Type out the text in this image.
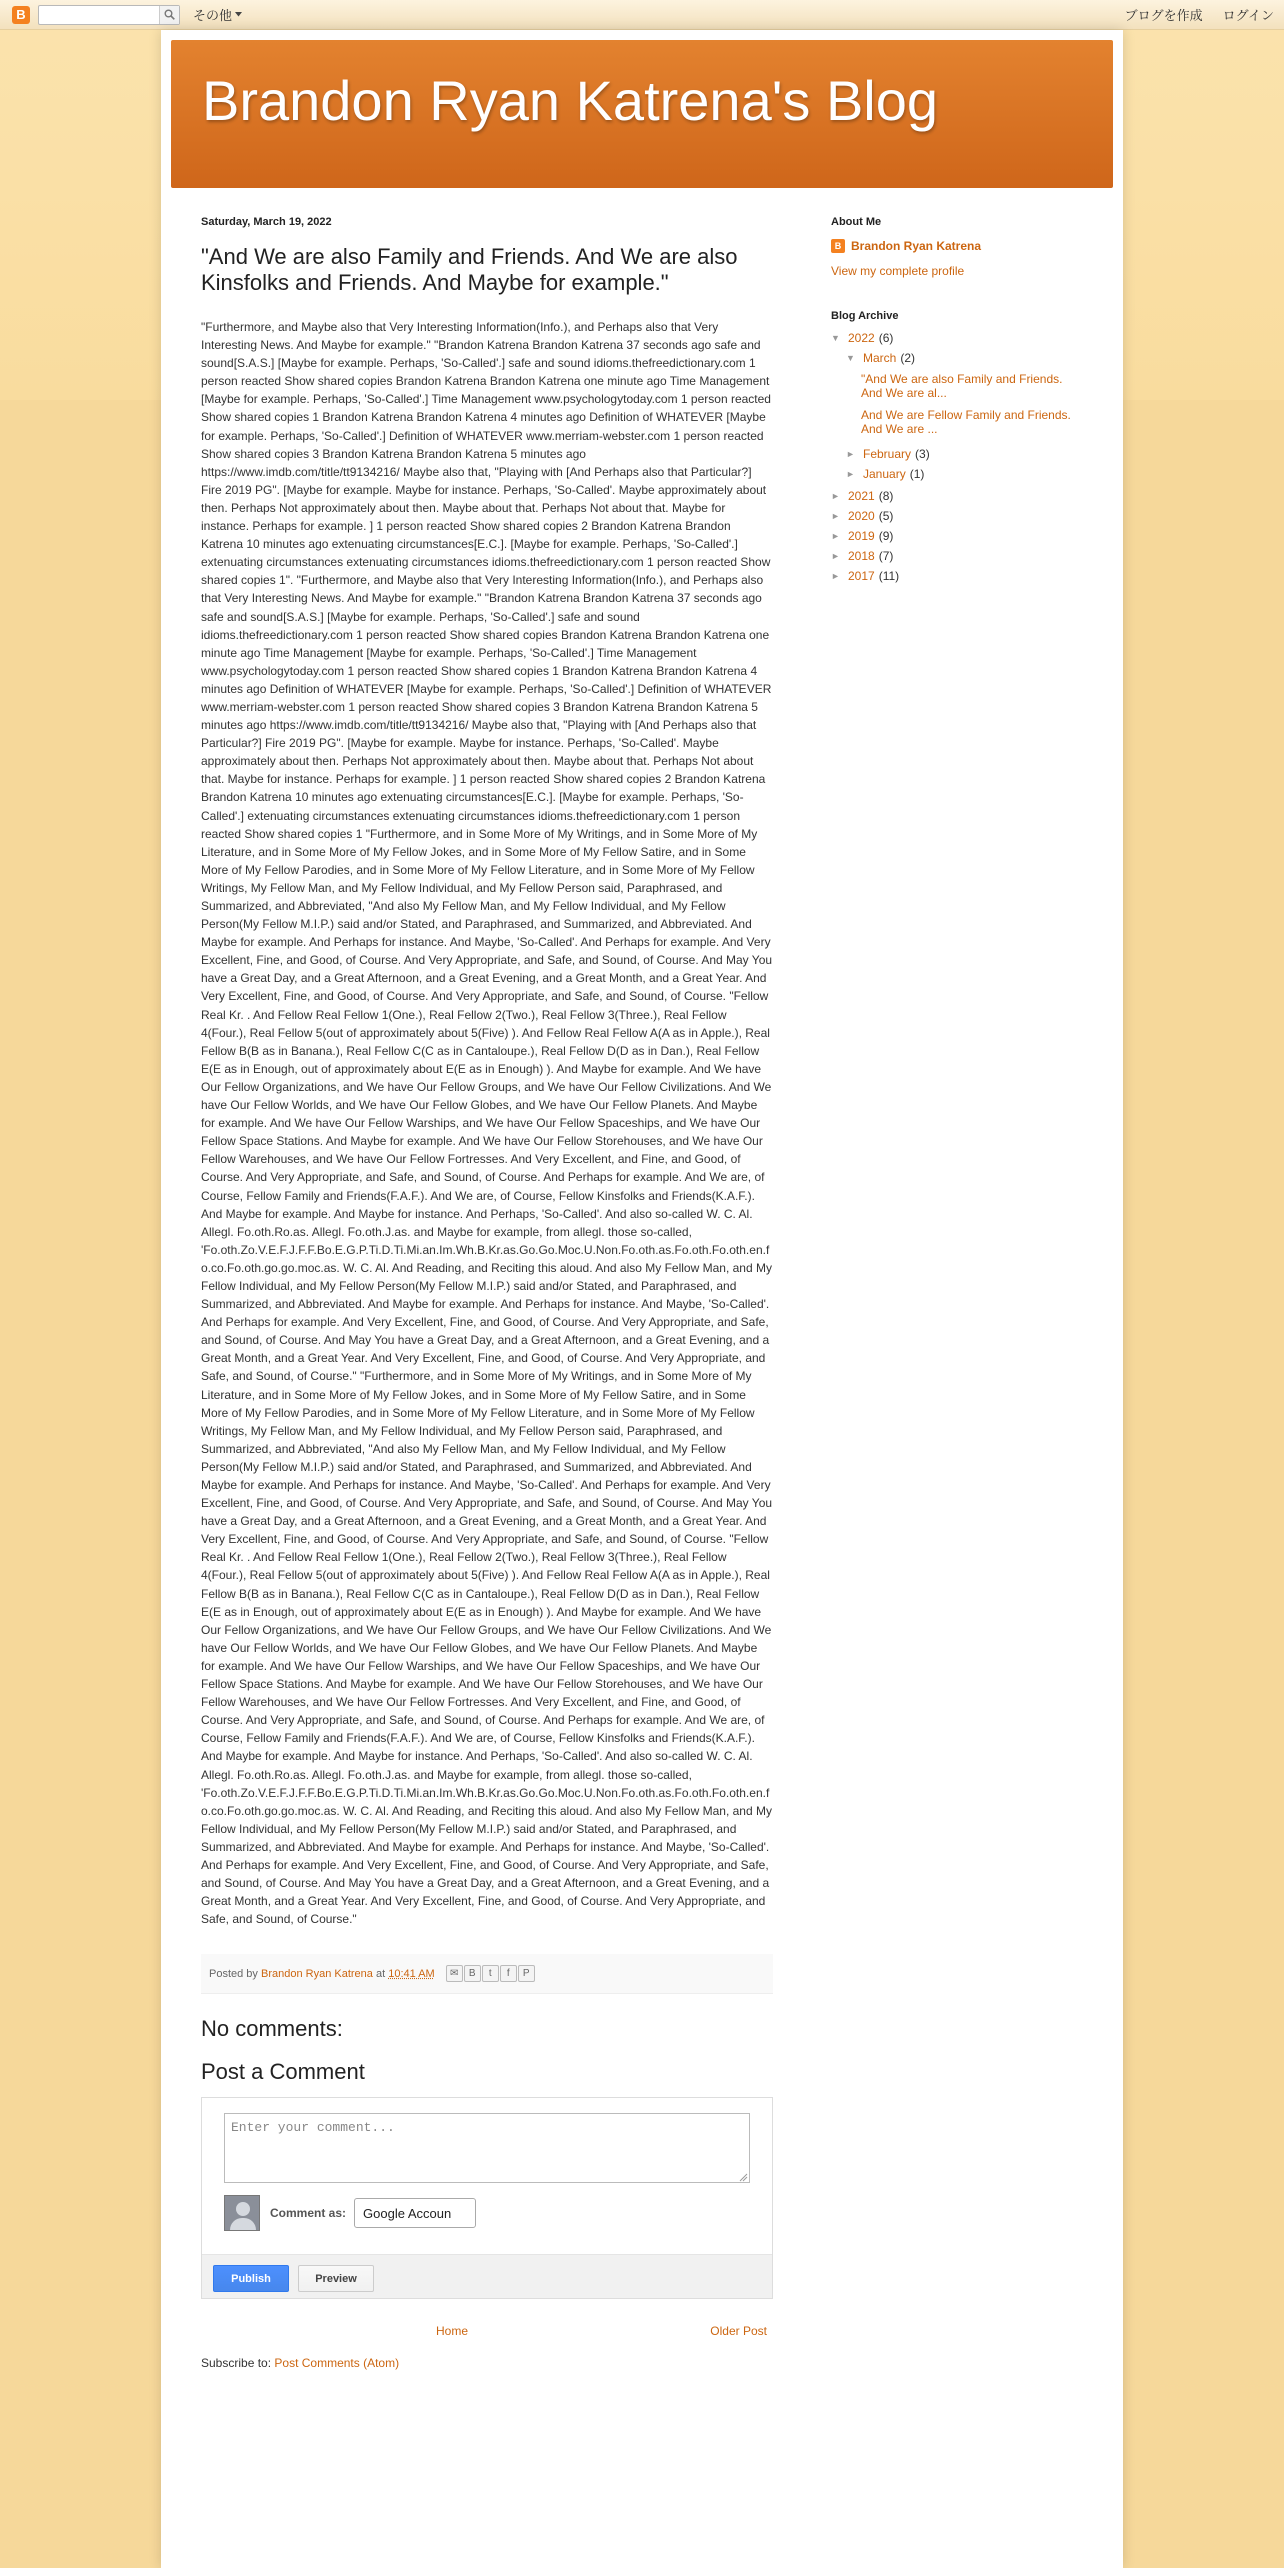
B	その他	ブログを作成 ログイン
Brandon Ryan Katrena's Blog
Saturday, March 19, 2022
"And We are also Family and Friends. And We are also Kinsfolks and Friends. And Maybe for example."
"Furthermore, and Maybe also that Very Interesting Information(Info.), and Perhaps also that Very Interesting News. And Maybe for example." "Brandon Katrena Brandon Katrena 37 seconds ago safe and sound[S.A.S.] [Maybe for example. Perhaps, 'So-Called'.] safe and sound idioms.thefreedictionary.com 1 person reacted Show shared copies Brandon Katrena Brandon Katrena one minute ago Time Management [Maybe for example. Perhaps, 'So-Called'.] Time Management www.psychologytoday.com 1 person reacted Show shared copies 1 Brandon Katrena Brandon Katrena 4 minutes ago Definition of WHATEVER [Maybe for example. Perhaps, 'So-Called'.] Definition of WHATEVER www.merriam-webster.com 1 person reacted Show shared copies 3 Brandon Katrena Brandon Katrena 5 minutes ago https://www.imdb.com/title/tt9134216/ Maybe also that, "Playing with [And Perhaps also that Particular?] Fire 2019 PG". [Maybe for example. Maybe for instance. Perhaps, 'So-Called'. Maybe approximately about then. Perhaps Not approximately about then. Maybe about that. Perhaps Not about that. Maybe for instance. Perhaps for example. ] 1 person reacted Show shared copies 2 Brandon Katrena Brandon Katrena 10 minutes ago extenuating circumstances[E.C.]. [Maybe for example. Perhaps, 'So-Called'.] extenuating circumstances extenuating circumstances idioms.thefreedictionary.com 1 person reacted Show shared copies 1". "Furthermore, and Maybe also that Very Interesting Information(Info.), and Perhaps also that Very Interesting News. And Maybe for example." "Brandon Katrena Brandon Katrena 37 seconds ago safe and sound[S.A.S.] [Maybe for example. Perhaps, 'So-Called'.] safe and sound idioms.thefreedictionary.com 1 person reacted Show shared copies Brandon Katrena Brandon Katrena one minute ago Time Management [Maybe for example. Perhaps, 'So-Called'.] Time Management www.psychologytoday.com 1 person reacted Show shared copies 1 Brandon Katrena Brandon Katrena 4 minutes ago Definition of WHATEVER [Maybe for example. Perhaps, 'So-Called'.] Definition of WHATEVER www.merriam-webster.com 1 person reacted Show shared copies 3 Brandon Katrena Brandon Katrena 5 minutes ago https://www.imdb.com/title/tt9134216/ Maybe also that, "Playing with [And Perhaps also that Particular?] Fire 2019 PG". [Maybe for example. Maybe for instance. Perhaps, 'So-Called'. Maybe approximately about then. Perhaps Not approximately about then. Maybe about that. Perhaps Not about that. Maybe for instance. Perhaps for example. ] 1 person reacted Show shared copies 2 Brandon Katrena Brandon Katrena 10 minutes ago extenuating circumstances[E.C.]. [Maybe for example. Perhaps, 'So-Called'.] extenuating circumstances extenuating circumstances idioms.thefreedictionary.com 1 person reacted Show shared copies 1 "Furthermore, and in Some More of My Writings, and in Some More of My Literature, and in Some More of My Fellow Jokes, and in Some More of My Fellow Satire, and in Some More of My Fellow Parodies, and in Some More of My Fellow Literature, and in Some More of My Fellow Writings, My Fellow Man, and My Fellow Individual, and My Fellow Person said, Paraphrased, and Summarized, and Abbreviated, "And also My Fellow Man, and My Fellow Individual, and My Fellow Person(My Fellow M.I.P.) said and/or Stated, and Paraphrased, and Summarized, and Abbreviated. And Maybe for example. And Perhaps for instance. And Maybe, 'So-Called'. And Perhaps for example. And Very Excellent, Fine, and Good, of Course. And Very Appropriate, and Safe, and Sound, of Course. And May You have a Great Day, and a Great Afternoon, and a Great Evening, and a Great Month, and a Great Year. And Very Excellent, Fine, and Good, of Course. And Very Appropriate, and Safe, and Sound, of Course. "Fellow Real Kr. . And Fellow Real Fellow 1(One.), Real Fellow 2(Two.), Real Fellow 3(Three.), Real Fellow 4(Four.), Real Fellow 5(out of approximately about 5(Five) ). And Fellow Real Fellow A(A as in Apple.), Real Fellow B(B as in Banana.), Real Fellow C(C as in Cantaloupe.), Real Fellow D(D as in Dan.), Real Fellow E(E as in Enough, out of approximately about E(E as in Enough) ). And Maybe for example. And We have Our Fellow Organizations, and We have Our Fellow Groups, and We have Our Fellow Civilizations. And We have Our Fellow Worlds, and We have Our Fellow Globes, and We have Our Fellow Planets. And Maybe for example. And We have Our Fellow Warships, and We have Our Fellow Spaceships, and We have Our Fellow Space Stations. And Maybe for example. And We have Our Fellow Storehouses, and We have Our Fellow Warehouses, and We have Our Fellow Fortresses. And Very Excellent, and Fine, and Good, of Course. And Very Appropriate, and Safe, and Sound, of Course. And Perhaps for example. And We are, of Course, Fellow Family and Friends(F.A.F.). And We are, of Course, Fellow Kinsfolks and Friends(K.A.F.). And Maybe for example. And Maybe for instance. And Perhaps, 'So-Called'. And also so-called W. C. Al. Allegl. Fo.oth.Ro.as. Allegl. Fo.oth.J.as. and Maybe for example, from allegl. those so-called, 'Fo.oth.Zo.V.E.F.J.F.F.Bo.E.G.P.Ti.D.Ti.Mi.an.Im.Wh.B.Kr.as.Go.Go.Moc.U.Non.Fo.oth.as.Fo.oth.Fo.oth.en.fo.co.Fo.oth.go.go.moc.as. W. C. Al. And Reading, and Reciting this aloud. And also My Fellow Man, and My Fellow Individual, and My Fellow Person(My Fellow M.I.P.) said and/or Stated, and Paraphrased, and Summarized, and Abbreviated. And Maybe for example. And Perhaps for instance. And Maybe, 'So-Called'. And Perhaps for example. And Very Excellent, Fine, and Good, of Course. And Very Appropriate, and Safe, and Sound, of Course. And May You have a Great Day, and a Great Afternoon, and a Great Evening, and a Great Month, and a Great Year. And Very Excellent, Fine, and Good, of Course. And Very Appropriate, and Safe, and Sound, of Course." "Furthermore, and in Some More of My Writings, and in Some More of My Literature, and in Some More of My Fellow Jokes, and in Some More of My Fellow Satire, and in Some More of My Fellow Parodies, and in Some More of My Fellow Literature, and in Some More of My Fellow Writings, My Fellow Man, and My Fellow Individual, and My Fellow Person said, Paraphrased, and Summarized, and Abbreviated, "And also My Fellow Man, and My Fellow Individual, and My Fellow Person(My Fellow M.I.P.) said and/or Stated, and Paraphrased, and Summarized, and Abbreviated. And Maybe for example. And Perhaps for instance. And Maybe, 'So-Called'. And Perhaps for example. And Very Excellent, Fine, and Good, of Course. And Very Appropriate, and Safe, and Sound, of Course. And May You have a Great Day, and a Great Afternoon, and a Great Evening, and a Great Month, and a Great Year. And Very Excellent, Fine, and Good, of Course. And Very Appropriate, and Safe, and Sound, of Course. "Fellow Real Kr. . And Fellow Real Fellow 1(One.), Real Fellow 2(Two.), Real Fellow 3(Three.), Real Fellow 4(Four.), Real Fellow 5(out of approximately about 5(Five) ). And Fellow Real Fellow A(A as in Apple.), Real Fellow B(B as in Banana.), Real Fellow C(C as in Cantaloupe.), Real Fellow D(D as in Dan.), Real Fellow E(E as in Enough, out of approximately about E(E as in Enough) ). And Maybe for example. And We have Our Fellow Organizations, and We have Our Fellow Groups, and We have Our Fellow Civilizations. And We have Our Fellow Worlds, and We have Our Fellow Globes, and We have Our Fellow Planets. And Maybe for example. And We have Our Fellow Warships, and We have Our Fellow Spaceships, and We have Our Fellow Space Stations. And Maybe for example. And We have Our Fellow Storehouses, and We have Our Fellow Warehouses, and We have Our Fellow Fortresses. And Very Excellent, and Fine, and Good, of Course. And Very Appropriate, and Safe, and Sound, of Course. And Perhaps for example. And We are, of Course, Fellow Family and Friends(F.A.F.). And We are, of Course, Fellow Kinsfolks and Friends(K.A.F.). And Maybe for example. And Maybe for instance. And Perhaps, 'So-Called'. And also so-called W. C. Al. Allegl. Fo.oth.Ro.as. Allegl. Fo.oth.J.as. and Maybe for example, from allegl. those so-called, 'Fo.oth.Zo.V.E.F.J.F.F.Bo.E.G.P.Ti.D.Ti.Mi.an.Im.Wh.B.Kr.as.Go.Go.Moc.U.Non.Fo.oth.as.Fo.oth.Fo.oth.en.fo.co.Fo.oth.go.go.moc.as. W. C. Al. And Reading, and Reciting this aloud. And also My Fellow Man, and My Fellow Individual, and My Fellow Person(My Fellow M.I.P.) said and/or Stated, and Paraphrased, and Summarized, and Abbreviated. And Maybe for example. And Perhaps for instance. And Maybe, 'So-Called'. And Perhaps for example. And Very Excellent, Fine, and Good, of Course. And Very Appropriate, and Safe, and Sound, of Course. And May You have a Great Day, and a Great Afternoon, and a Great Evening, and a Great Month, and a Great Year. And Very Excellent, Fine, and Good, of Course. And Very Appropriate, and Safe, and Sound, of Course."
Posted by
Brandon Ryan Katrena
at
10:41 AM	✉	B	t	f	P
No comments:
Post a Comment
Enter your comment...
Comment as: Google Accoun
Publish	Preview
Home	Older Post
Subscribe to: Post Comments (Atom)
About Me
B Brandon Ryan Katrena
View my complete profile
Blog Archive
▼ 2022 (6)
▼ March (2)
"And We are also Family and Friends. And We are al...
And We are Fellow Family and Friends. And We are ...
► February (3)
► January (1)
► 2021 (8)
► 2020 (5)
► 2019 (9)
► 2018 (7)
► 2017 (11)
